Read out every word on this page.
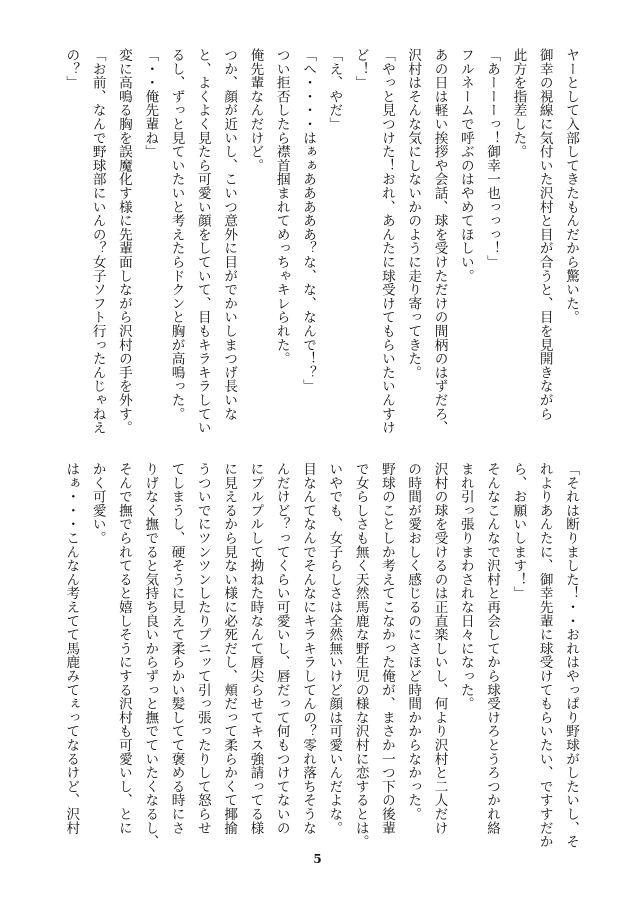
ヤーとして入部してきたもんだから驚いた。
御幸の視線に気付いた沢村と目が合うと、目を見開きながら
此方を指差した。
「あーーーっ！御幸一也っっっ！」
フルネームで呼ぶのはやめてほしい。
あの日は軽い挨拶や会話、球を受けただけの間柄のはずだろ、
沢村はそんな気にしないかのように走り寄ってきた。
「やっと見つけた！おれ、あんたに球受けてもらいたいんすけ
ど！」
「え、やだ」
「へ・・・・はぁぁあああああ？な、な、なんで！？」
つい拒否したら襟首掴まれてめっちゃキレられた。
俺先輩なんだけど。
つか、顔が近いし、こいつ意外に目がでかいしまつげ長いな
と、よくよく見たら可愛い顔をしていて、目もキラキラしてい
るし、ずっと見ていたいと考えたらドクンと胸が高鳴った。
「・・俺先輩ね」
変に高鳴る胸を誤魔化す様に先輩面しながら沢村の手を外す。
「お前、なんで野球部にいんの？女子ソフト行ったんじゃねえ
の？」
「それは断りました！・・おれはやっぱり野球がしたいし、そ
れよりあんたに、御幸先輩に球受けてもらいたい、ですすだか
ら、お願いします！」
そんなこんなで沢村と再会してから球受けろとうろつかれ絡
まれ引っ張りまわされな日々になった。
沢村の球を受けるのは正直楽しいし、何より沢村と二人だけ
の時間が愛おしく感じるのにさほど時間かからなかった。
野球のことしか考えてこなかった俺が、まさか一つ下の後輩
で女らしさも無く天然馬鹿な野生児の様な沢村に恋するとは。
いやでも、女子らしさは全然無いけど顔は可愛いんだよな。
目なんてなんでそんなにキラキラしてんの？零れ落ちそうな
んだけど？ってくらい可愛いし、唇だって何もつけてないの
にプルプルして拗ねた時なんて唇尖らせてキス強請ってる様
に見えるから見ない様に必死だし、頬だって柔らかくて揶揄
うついでにツンツンしたりプニッて引っ張ったりして怒らせ
てしまうし、硬そうに見えて柔らかい髪してて褒める時にさ
りげなく撫でると気持ち良いからずっと撫でていたくなるし、
そんで撫でられてると嬉しそうにする沢村も可愛いし、とに
かく可愛い。
はぁ・・・こんなん考えてて馬鹿みてぇってなるけど、沢村
5
